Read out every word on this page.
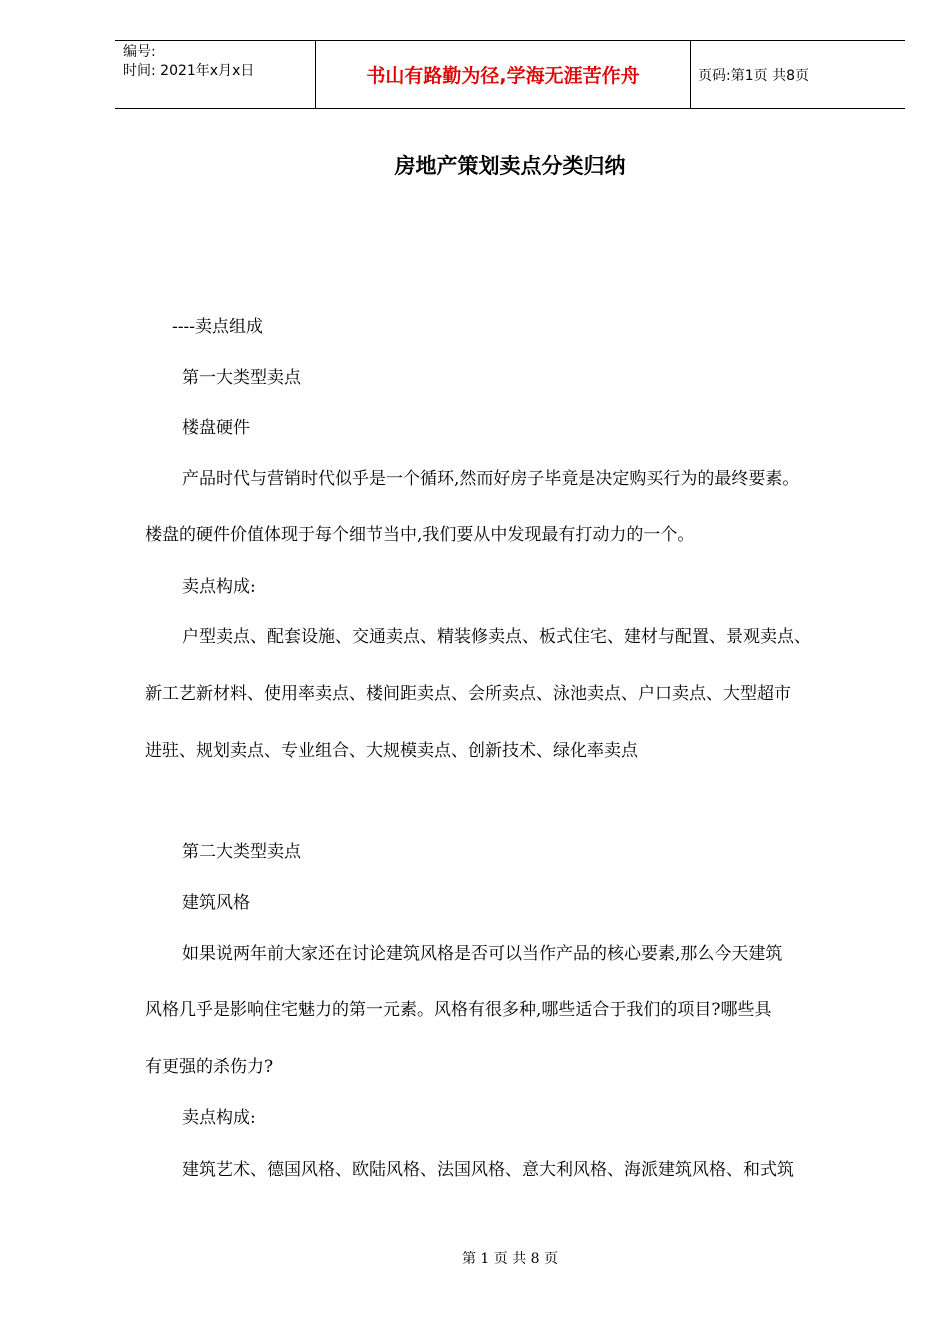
编号:
时间: 2021年x月x日	书山有路勤为径,学海无涯苦作舟	页码:第1页 共8页
房地产策划卖点分类归纳
----卖点组成
第一大类型卖点
楼盘硬件
产品时代与营销时代似乎是一个循环,然而好房子毕竟是决定购买行为的最终要素。
楼盘的硬件价值体现于每个细节当中,我们要从中发现最有打动力的一个。
卖点构成:
户型卖点、配套设施、交通卖点、精装修卖点、板式住宅、建材与配置、景观卖点、
新工艺新材料、使用率卖点、楼间距卖点、会所卖点、泳池卖点、户口卖点、大型超市
进驻、规划卖点、专业组合、大规模卖点、创新技术、绿化率卖点
第二大类型卖点
建筑风格
如果说两年前大家还在讨论建筑风格是否可以当作产品的核心要素,那么今天建筑
风格几乎是影响住宅魅力的第一元素。风格有很多种,哪些适合于我们的项目?哪些具
有更强的杀伤力?
卖点构成:
建筑艺术、德国风格、欧陆风格、法国风格、意大利风格、海派建筑风格、和式筑
第 1 页 共 8 页
